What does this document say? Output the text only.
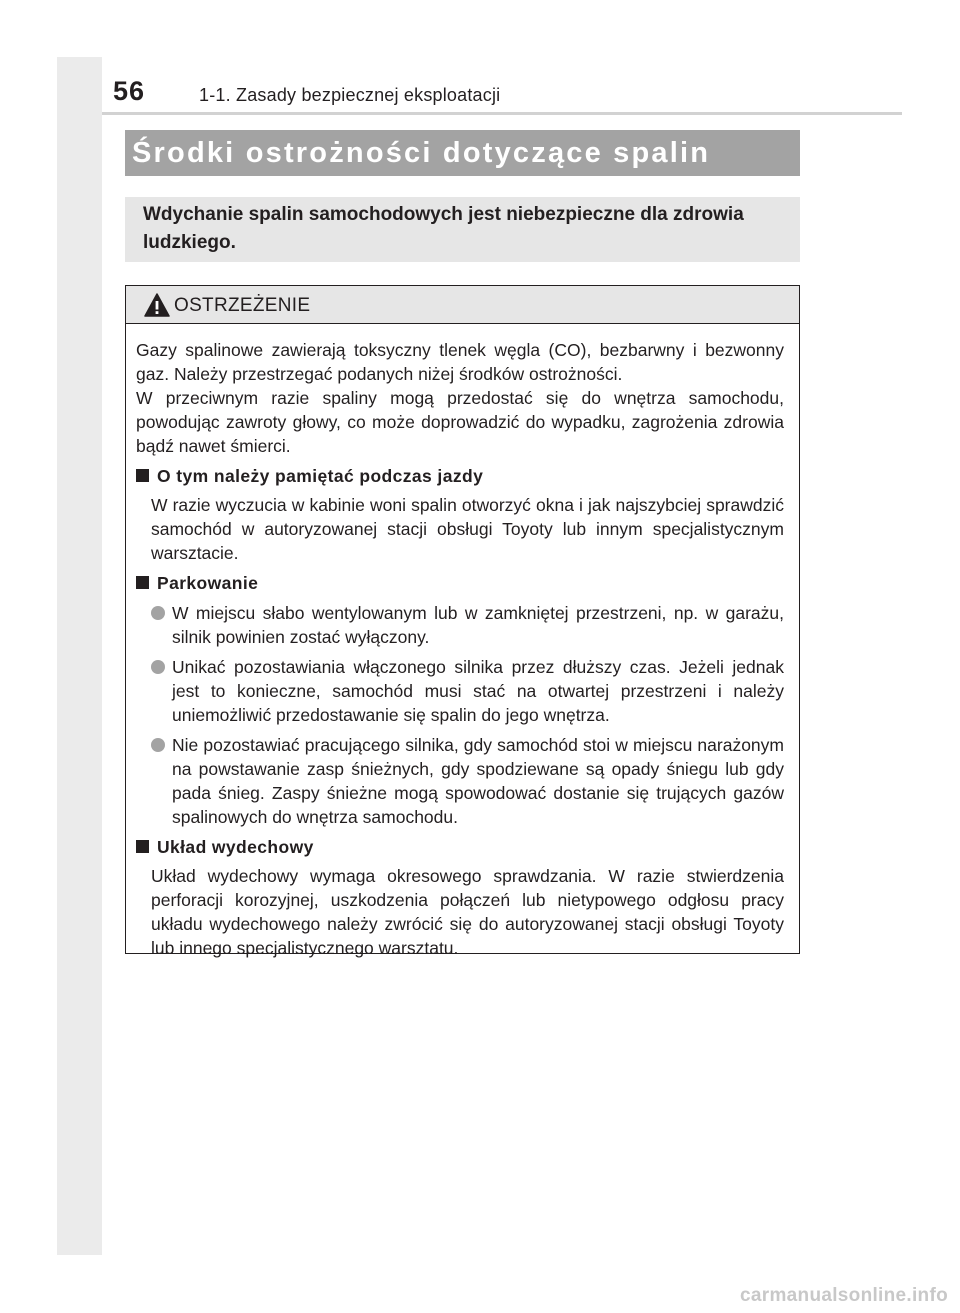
56	1-1. Zasady bezpiecznej eksploatacji
Środki ostrożności dotyczące spalin
Wdychanie spalin samochodowych jest niebezpieczne dla zdrowia ludzkiego.
OSTRZEŻENIE

Gazy spalinowe zawierają toksyczny tlenek węgla (CO), bezbarwny i bezwonny gaz. Należy przestrzegać podanych niżej środków ostrożności.

W przeciwnym razie spaliny mogą przedostać się do wnętrza samochodu, powodując zawroty głowy, co może doprowadzić do wypadku, zagrożenia zdrowia bądź nawet śmierci.

O tym należy pamiętać podczas jazdy

W razie wyczucia w kabinie woni spalin otworzyć okna i jak najszybciej sprawdzić samochód w autoryzowanej stacji obsługi Toyoty lub innym specjalistycznym warsztacie.

Parkowanie
W miejscu słabo wentylowanym lub w zamkniętej przestrzeni, np. w garażu, silnik powinien zostać wyłączony.
Unikać pozostawiania włączonego silnika przez dłuższy czas. Jeżeli jednak jest to konieczne, samochód musi stać na otwartej przestrzeni i należy uniemożliwić przedostawanie się spalin do jego wnętrza.
Nie pozostawiać pracującego silnika, gdy samochód stoi w miejscu narażonym na powstawanie zasp śnieżnych, gdy spodziewane są opady śniegu lub gdy pada śnieg. Zaspy śnieżne mogą spowodować dostanie się trujących gazów spalinowych do wnętrza samochodu.
Układ wydechowy

Układ wydechowy wymaga okresowego sprawdzania. W razie stwierdzenia perforacji korozyjnej, uszkodzenia połączeń lub nietypowego odgłosu pracy układu wydechowego należy zwrócić się do autoryzowanej stacji obsługi Toyoty lub innego specjalistycznego warsztatu.

carmanualsonline.info
